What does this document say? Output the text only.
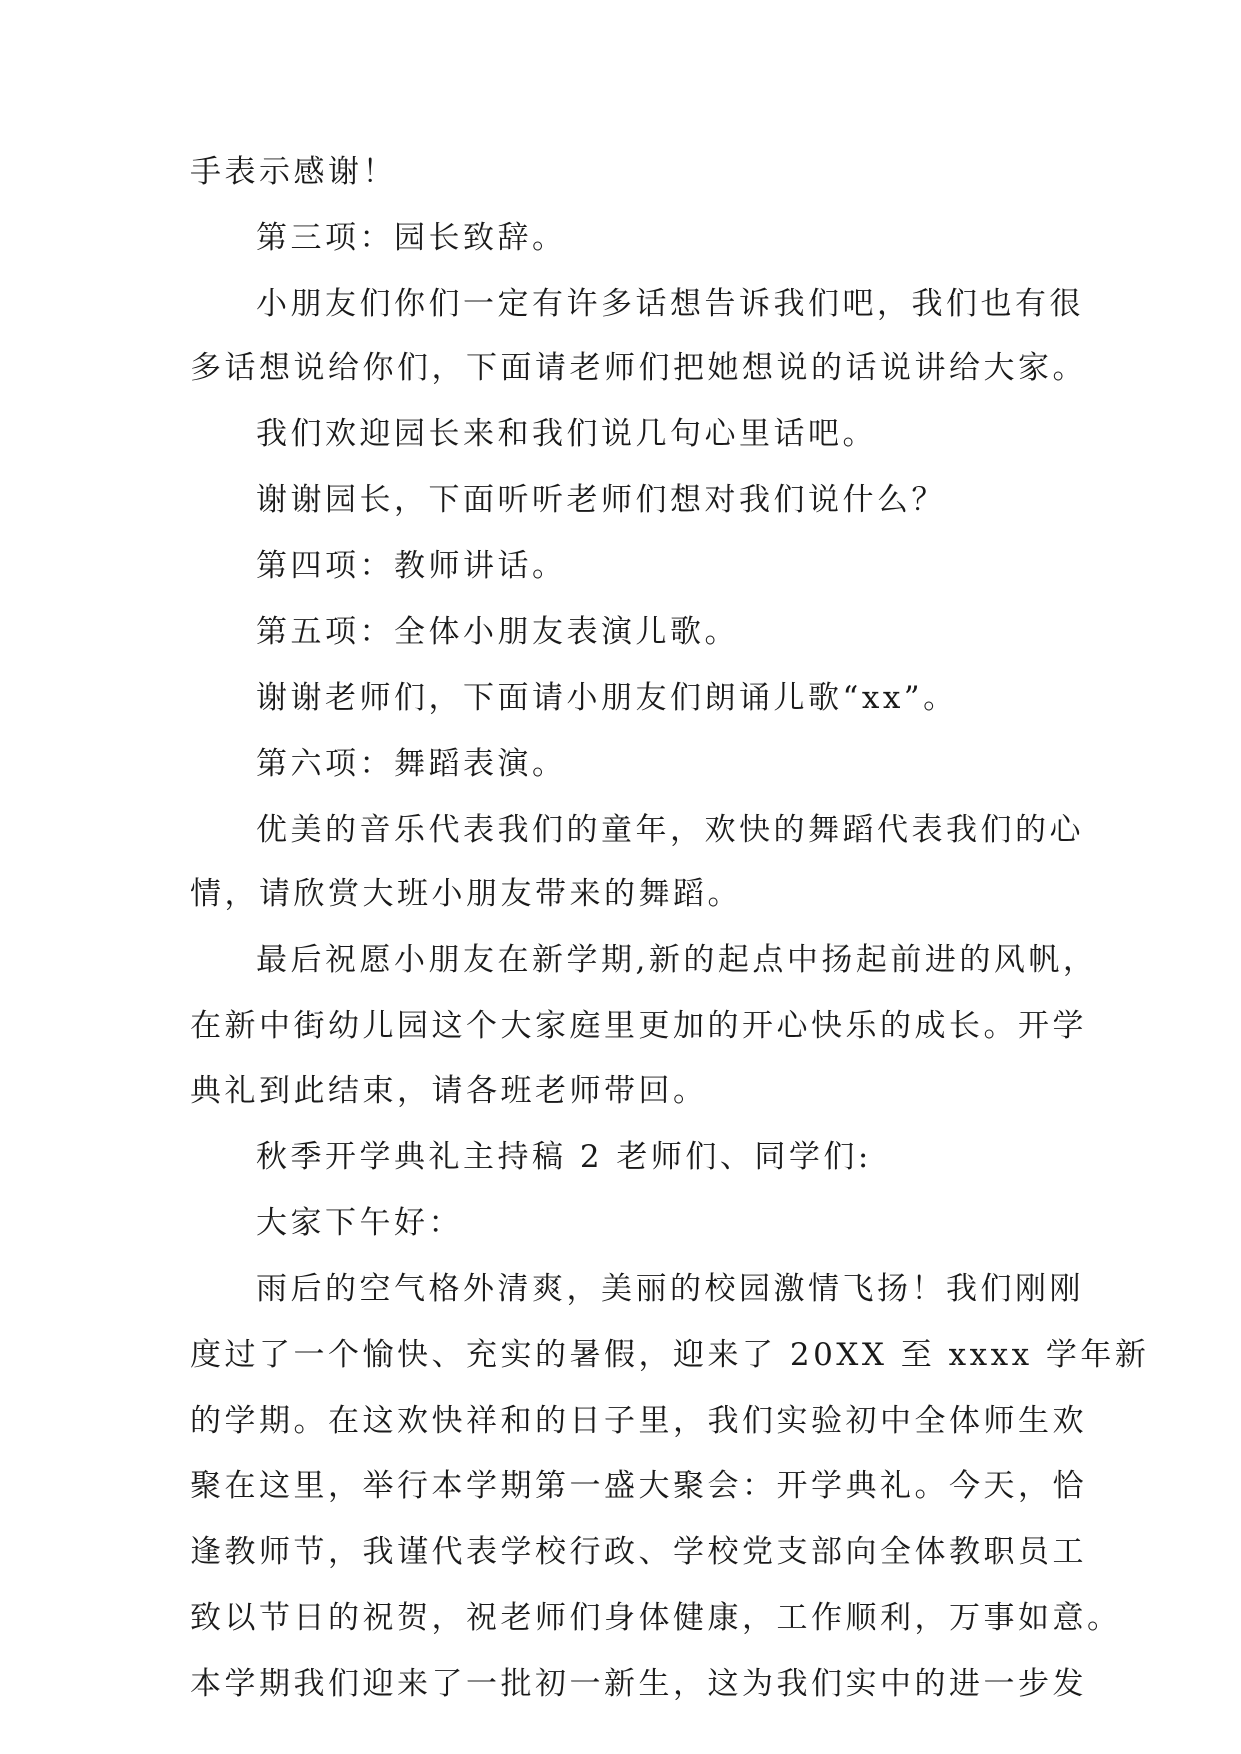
手表示感谢！
第三项：园长致辞。
小朋友们你们一定有许多话想告诉我们吧，我们也有很
多话想说给你们，下面请老师们把她想说的话说讲给大家。
我们欢迎园长来和我们说几句心里话吧。
谢谢园长，下面听听老师们想对我们说什么？
第四项：教师讲话。
第五项：全体小朋友表演儿歌。
谢谢老师们，下面请小朋友们朗诵儿歌“xx”。
第六项：舞蹈表演。
优美的音乐代表我们的童年，欢快的舞蹈代表我们的心
情，请欣赏大班小朋友带来的舞蹈。
最后祝愿小朋友在新学期,新的起点中扬起前进的风帆，
在新中街幼儿园这个大家庭里更加的开心快乐的成长。开学
典礼到此结束，请各班老师带回。
秋季开学典礼主持稿 2 老师们、同学们:
大家下午好：
雨后的空气格外清爽，美丽的校园激情飞扬！我们刚刚
度过了一个愉快、充实的暑假，迎来了 20XX 至 xxxx 学年新
的学期。在这欢快祥和的日子里，我们实验初中全体师生欢
聚在这里，举行本学期第一盛大聚会：开学典礼。今天，恰
逢教师节，我谨代表学校行政、学校党支部向全体教职员工
致以节日的祝贺，祝老师们身体健康，工作顺利，万事如意。
本学期我们迎来了一批初一新生，这为我们实中的进一步发
